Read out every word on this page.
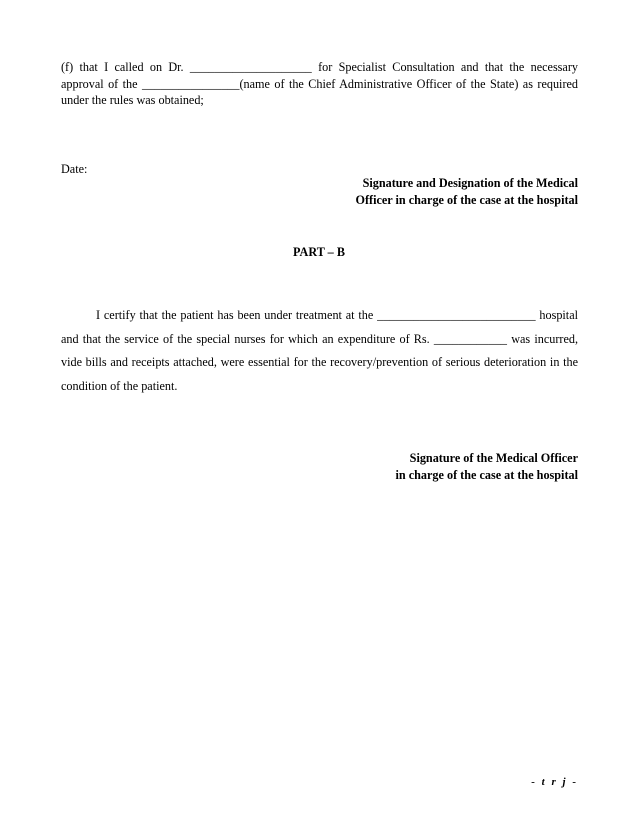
(f) that I called on Dr. ____________________ for Specialist Consultation and that the necessary approval of the ________________(name of the Chief Administrative Officer of the State) as required under the rules was obtained;

Date:
Signature and Designation of the Medical
Officer in charge of the case at the hospital
PART – B

I certify that the patient has been under treatment at the __________________________ hospital and that the service of the special nurses for which an expenditure of Rs. ____________ was incurred, vide bills and receipts attached, were essential for the recovery/prevention of serious deterioration in the condition of the patient.

Signature of the Medical Officer
in charge of the case at the hospital
- t r j -
